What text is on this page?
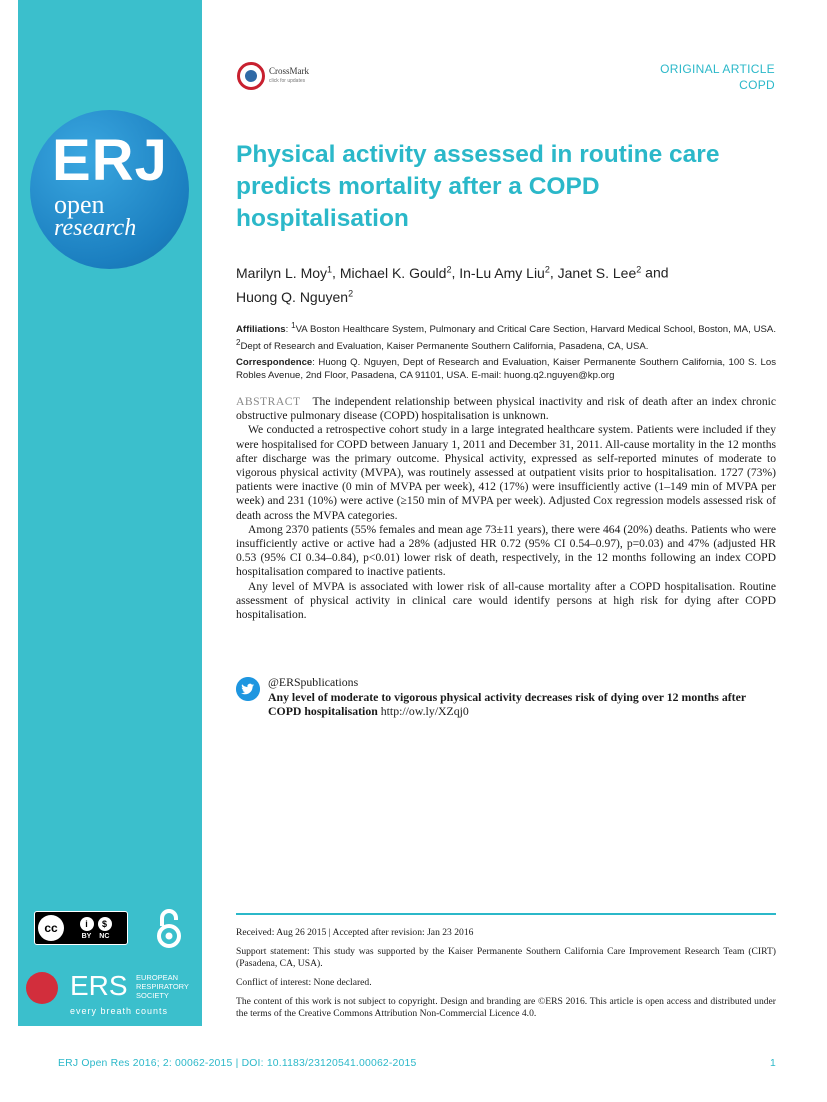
ERJ
open
research
cc	i	$
BY NC
ERS EUROPEAN
RESPIRATORY
SOCIETY
every breath counts
CrossMark
click for updates
ORIGINAL ARTICLE
COPD
Physical activity assessed in routine care predicts mortality after a COPD hospitalisation
Marilyn L. Moy$^1$, Michael K. Gould$^2$, In-Lu Amy Liu$^2$, Janet S. Lee$^2$ and
Huong Q. Nguyen$^2$
Affiliations: $^1$VA Boston Healthcare System, Pulmonary and Critical Care Section, Harvard Medical School, Boston, MA, USA. $^2$Dept of Research and Evaluation, Kaiser Permanente Southern California, Pasadena, CA, USA.
Correspondence: Huong Q. Nguyen, Dept of Research and Evaluation, Kaiser Permanente Southern California, 100 S. Los Robles Avenue, 2nd Floor, Pasadena, CA 91101, USA. E-mail: huong.q2.nguyen@kp.org

ABSTRACT The independent relationship between physical inactivity and risk of death after an index chronic obstructive pulmonary disease (COPD) hospitalisation is unknown.

We conducted a retrospective cohort study in a large integrated healthcare system. Patients were included if they were hospitalised for COPD between January 1, 2011 and December 31, 2011. All-cause mortality in the 12 months after discharge was the primary outcome. Physical activity, expressed as self-reported minutes of moderate to vigorous physical activity (MVPA), was routinely assessed at outpatient visits prior to hospitalisation. 1727 (73%) patients were inactive (0 min of MVPA per week), 412 (17%) were insufficiently active (1–149 min of MVPA per week) and 231 (10%) were active (≥150 min of MVPA per week). Adjusted Cox regression models assessed risk of death across the MVPA categories.

Among 2370 patients (55% females and mean age 73±11 years), there were 464 (20%) deaths. Patients who were insufficiently active or active had a 28% (adjusted HR 0.72 (95% CI 0.54–0.97), p=0.03) and 47% (adjusted HR 0.53 (95% CI 0.34–0.84), p<0.01) lower risk of death, respectively, in the 12 months following an index COPD hospitalisation compared to inactive patients.

Any level of MVPA is associated with lower risk of all-cause mortality after a COPD hospitalisation. Routine assessment of physical activity in clinical care would identify persons at high risk for dying after COPD hospitalisation.

@ERSpublications
Any level of moderate to vigorous physical activity decreases risk of dying over 12 months after COPD hospitalisation http://ow.ly/XZqj0

Received: Aug 26 2015 | Accepted after revision: Jan 23 2016

Support statement: This study was supported by the Kaiser Permanente Southern California Care Improvement Research Team (CIRT) (Pasadena, CA, USA).

Conflict of interest: None declared.

The content of this work is not subject to copyright. Design and branding are ©ERS 2016. This article is open access and distributed under the terms of the Creative Commons Attribution Non-Commercial Licence 4.0.

ERJ Open Res 2016; 2: 00062-2015 | DOI: 10.1183/23120541.00062-2015	1
